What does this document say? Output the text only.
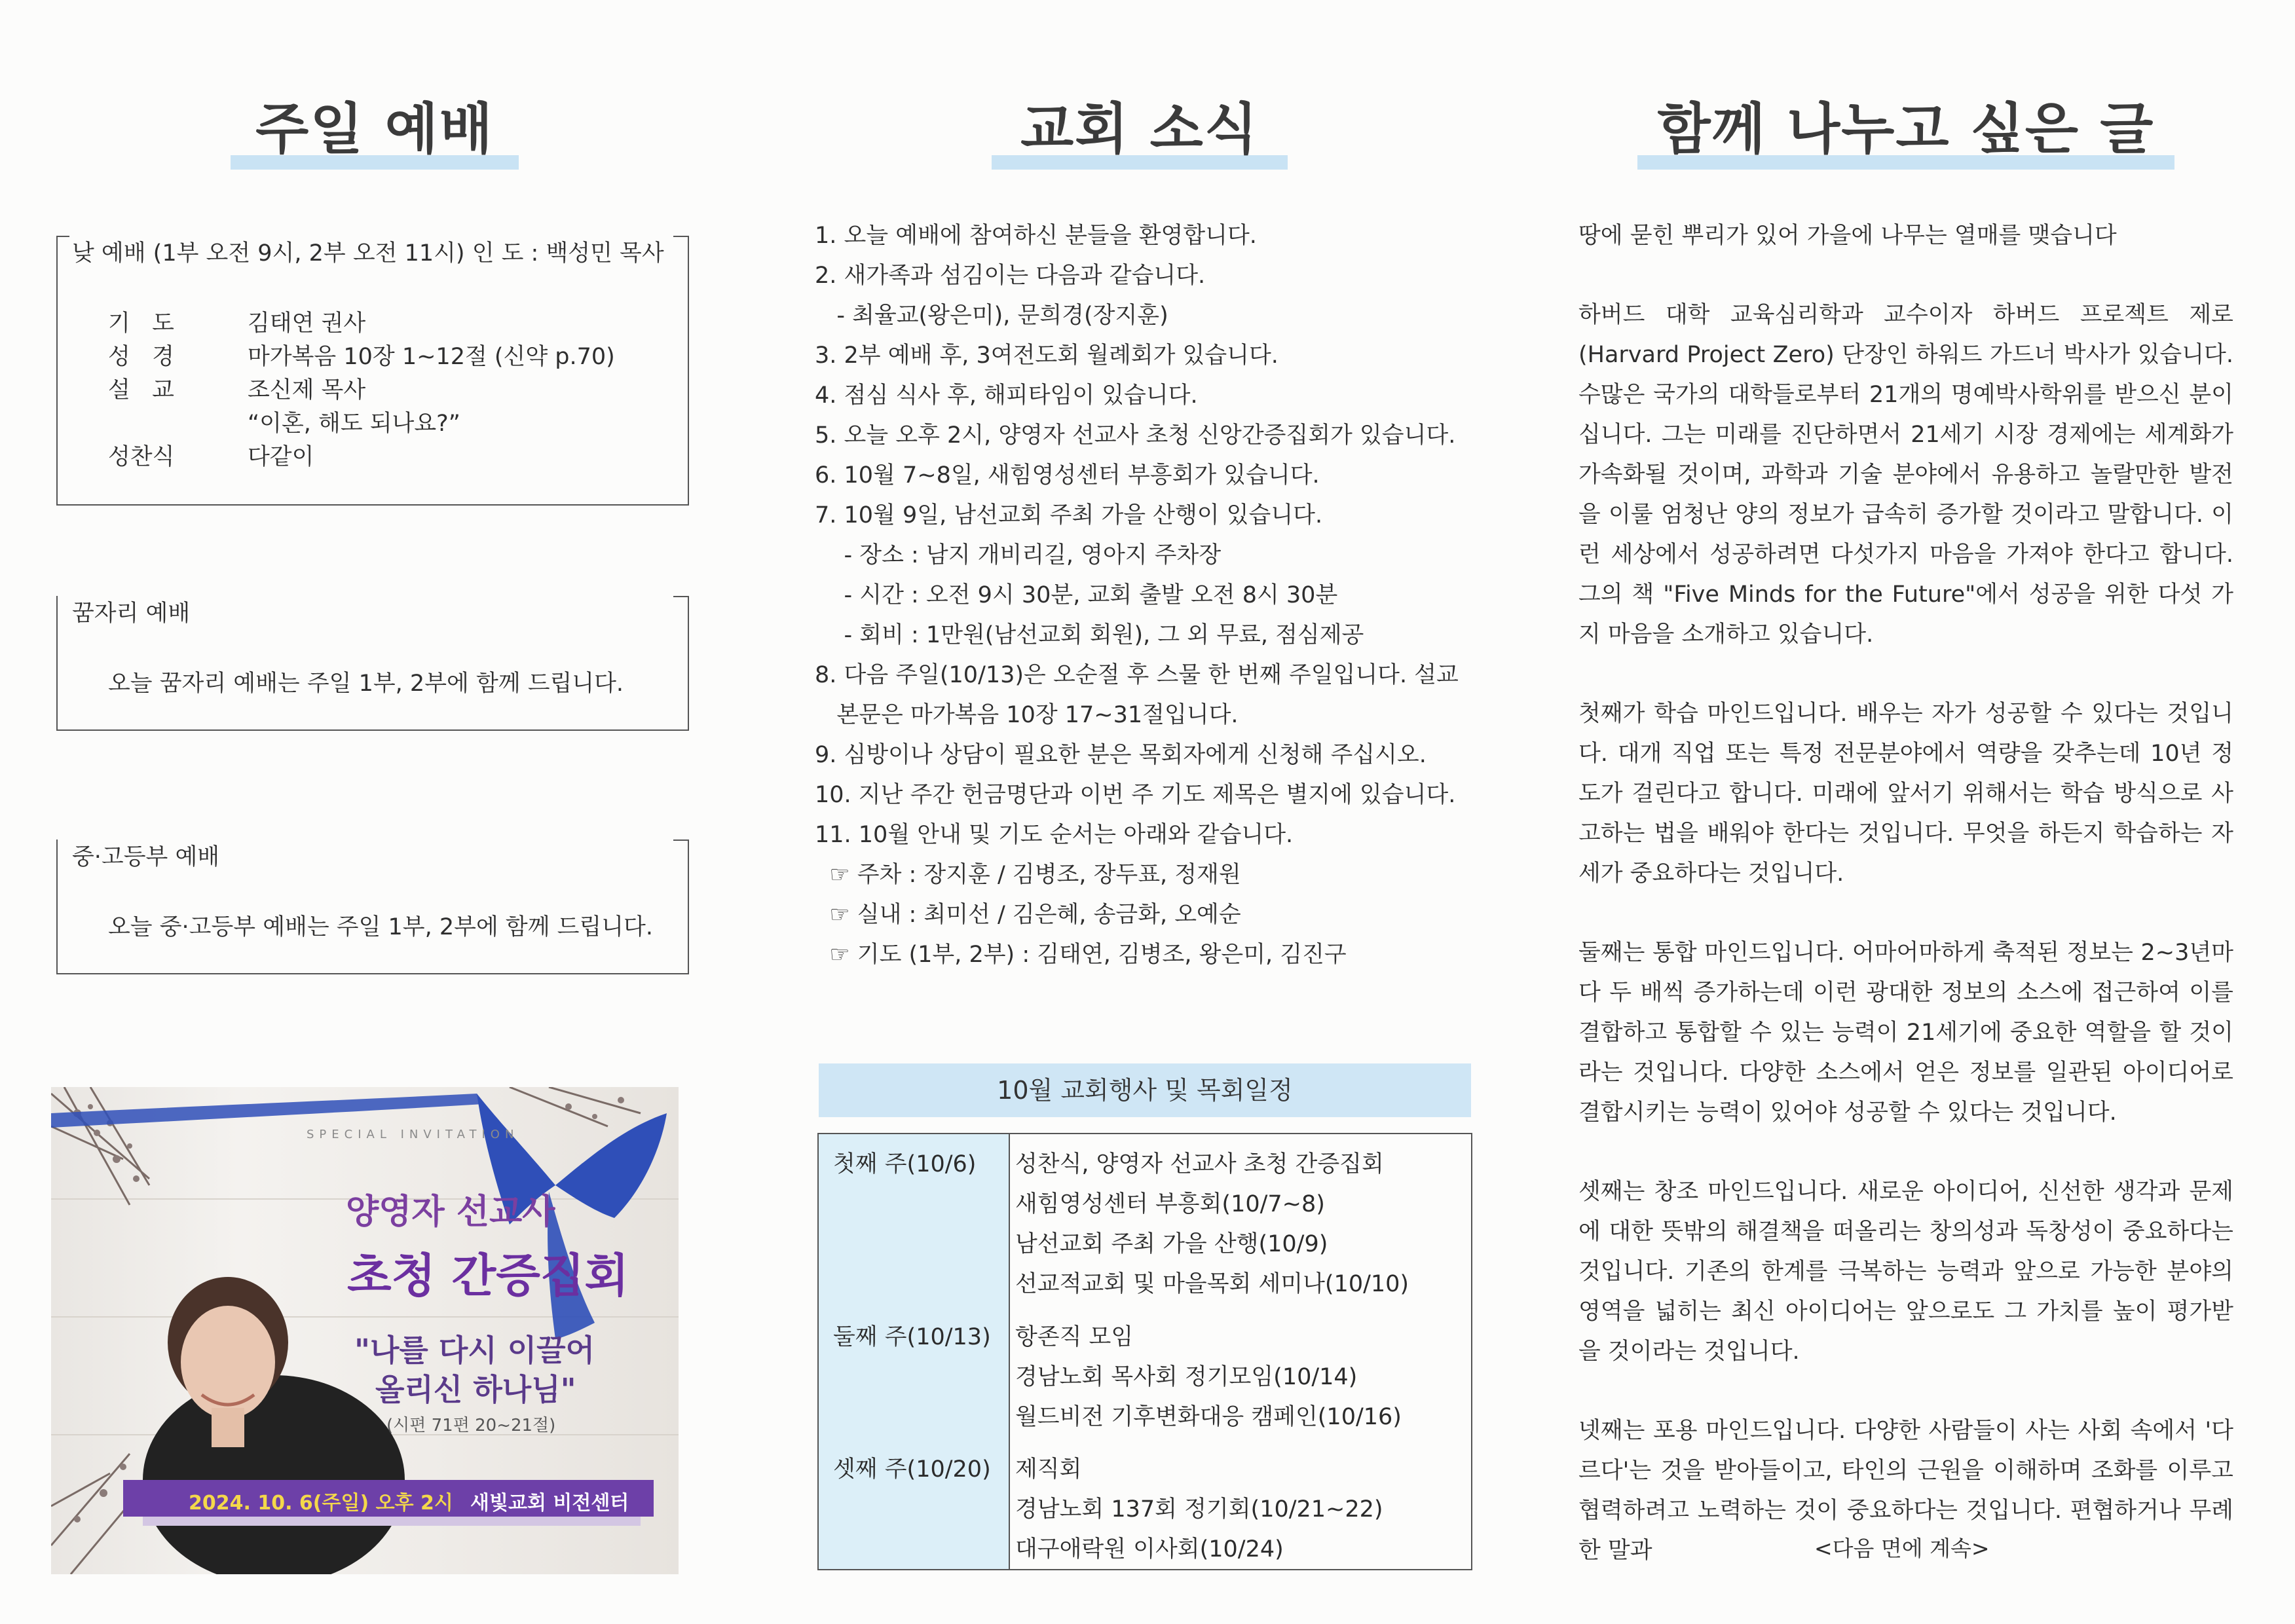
주일 예배
낮 예배 (1부 오전 9시, 2부 오전 11시) 인 도 : 백성민 목사
기   도	김태연 권사
성   경	마가복음 10장 1~12절 (신약 p.70)
설   교	조신제 목사
“이혼, 해도 되나요?”
성찬식	다같이
꿈자리 예배
오늘 꿈자리 예배는 주일 1부, 2부에 함께 드립니다.
중·고등부 예배
오늘 중·고등부 예배는 주일 1부, 2부에 함께 드립니다.
SPECIAL INVITATION
양영자 선교사
초청 간증집회
"나를 다시 이끌어
올리신 하나님"
(시편 71편 20~21절)
2024. 10. 6(주일) 오후 2시 새빛교회 비전센터
교회 소식
1. 오늘 예배에 참여하신 분들을 환영합니다.
2. 새가족과 섬김이는 다음과 같습니다.
- 최율교(왕은미), 문희경(장지훈)
3. 2부 예배 후, 3여전도회 월례회가 있습니다.
4. 점심 식사 후, 해피타임이 있습니다.
5. 오늘 오후 2시, 양영자 선교사 초청 신앙간증집회가 있습니다.
6. 10월 7~8일, 새힘영성센터 부흥회가 있습니다.
7. 10월 9일, 남선교회 주최 가을 산행이 있습니다.
- 장소 : 남지 개비리길, 영아지 주차장
- 시간 : 오전 9시 30분, 교회 출발 오전 8시 30분
- 회비 : 1만원(남선교회 회원), 그 외 무료, 점심제공
8. 다음 주일(10/13)은 오순절 후 스물 한 번째 주일입니다. 설교
본문은 마가복음 10장 17~31절입니다.
9. 심방이나 상담이 필요한 분은 목회자에게 신청해 주십시오.
10. 지난 주간 헌금명단과 이번 주 기도 제목은 별지에 있습니다.
11. 10월 안내 및 기도 순서는 아래와 같습니다.
☞ 주차 : 장지훈 / 김병조, 장두표, 정재원
☞ 실내 : 최미선 / 김은혜, 송금화, 오예순
☞ 기도 (1부, 2부) : 김태연, 김병조, 왕은미, 김진구
10월 교회행사 및 목회일정
첫째 주(10/6) 성찬식, 양영자 선교사 초청 간증집회
새힘영성센터 부흥회(10/7~8)
남선교회 주최 가을 산행(10/9)
선교적교회 및 마을목회 세미나(10/10)
둘째 주(10/13) 항존직 모임
경남노회 목사회 정기모임(10/14)
월드비전 기후변화대응 캠페인(10/16)
셋째 주(10/20) 제직회
경남노회 137회 정기회(10/21~22)
대구애락원 이사회(10/24)
함께 나누고 싶은 글

땅에 묻힌 뿌리가 있어 가을에 나무는 열매를 맺습니다

하버드 대학 교육심리학과 교수이자 하버드 프로젝트 제로(Harvard Project Zero) 단장인 하워드 가드너 박사가 있습니다. 수많은 국가의 대학들로부터 21개의 명예박사학위를 받으신 분이십니다. 그는 미래를 진단하면서 21세기 시장 경제에는 세계화가 가속화될 것이며, 과학과 기술 분야에서 유용하고 놀랄만한 발전을 이룰 엄청난 양의 정보가 급속히 증가할 것이라고 말합니다. 이런 세상에서 성공하려면 다섯가지 마음을 가져야 한다고 합니다. 그의 책 "Five Minds for the Future"에서 성공을 위한 다섯 가지 마음을 소개하고 있습니다.

첫째가 학습 마인드입니다. 배우는 자가 성공할 수 있다는 것입니다. 대개 직업 또는 특정 전문분야에서 역량을 갖추는데 10년 정도가 걸린다고 합니다. 미래에 앞서기 위해서는 학습 방식으로 사고하는 법을 배워야 한다는 것입니다. 무엇을 하든지 학습하는 자세가 중요하다는 것입니다.

둘째는 통합 마인드입니다. 어마어마하게 축적된 정보는 2~3년마다 두 배씩 증가하는데 이런 광대한 정보의 소스에 접근하여 이를 결합하고 통합할 수 있는 능력이 21세기에 중요한 역할을 할 것이라는 것입니다. 다양한 소스에서 얻은 정보를 일관된 아이디어로 결합시키는 능력이 있어야 성공할 수 있다는 것입니다.

셋째는 창조 마인드입니다. 새로운 아이디어, 신선한 생각과 문제에 대한 뜻밖의 해결책을 떠올리는 창의성과 독창성이 중요하다는 것입니다. 기존의 한계를 극복하는 능력과 앞으로 가능한 분야의 영역을 넓히는 최신 아이디어는 앞으로도 그 가치를 높이 평가받을 것이라는 것입니다.

넷째는 포용 마인드입니다. 다양한 사람들이 사는 사회 속에서 '다르다'는 것을 받아들이고, 타인의 근원을 이해하며 조화를 이루고 협력하려고 노력하는 것이 중요하다는 것입니다. 편협하거나 무례한 말과	<다음 면에 계속>
